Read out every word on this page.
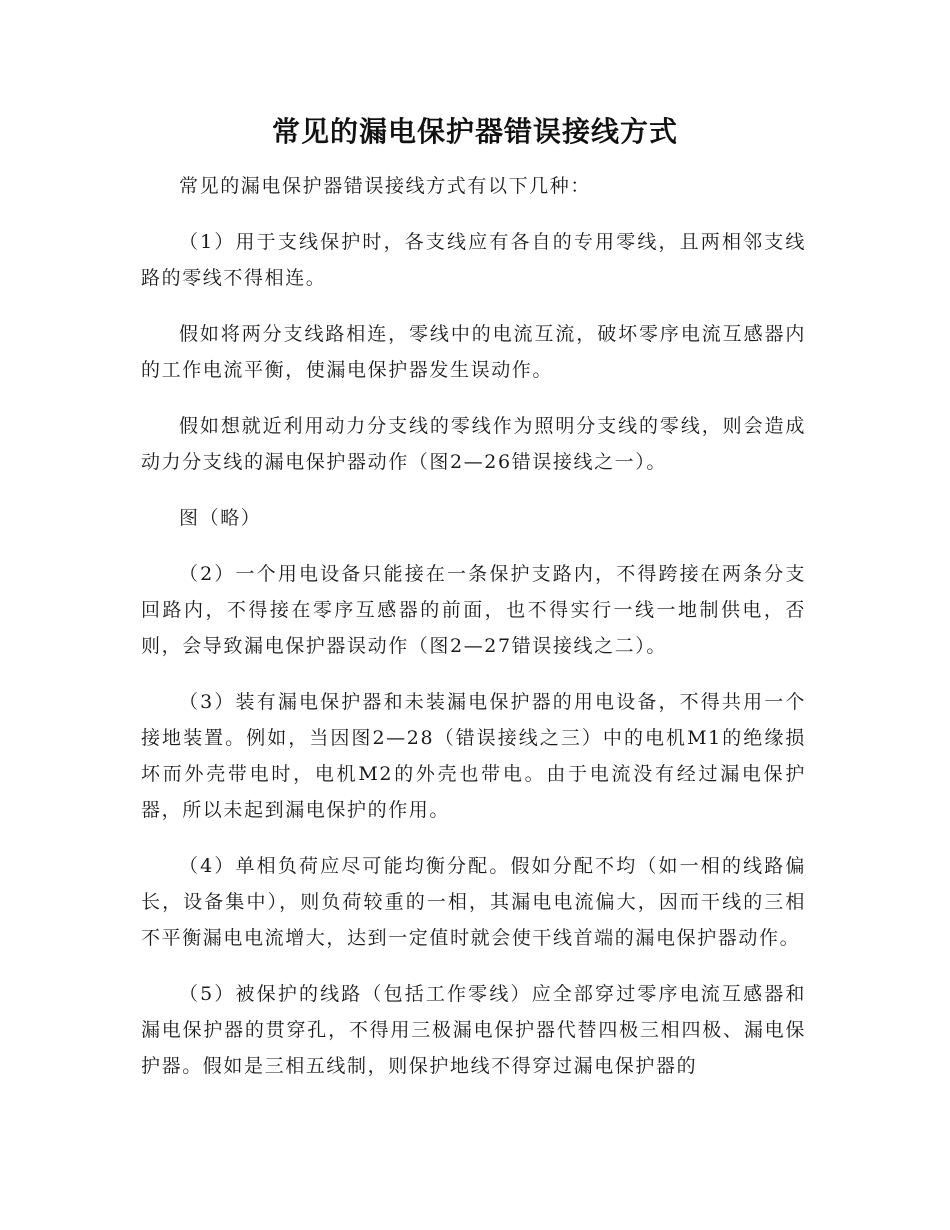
常见的漏电保护器错误接线方式

常见的漏电保护器错误接线方式有以下几种：

（1）用于支线保护时，各支线应有各自的专用零线，且两相邻支线路的零线不得相连。

假如将两分支线路相连，零线中的电流互流，破坏零序电流互感器内的工作电流平衡，使漏电保护器发生误动作。

假如想就近利用动力分支线的零线作为照明分支线的零线，则会造成动力分支线的漏电保护器动作（图2—26错误接线之一）。

图（略）

（2）一个用电设备只能接在一条保护支路内，不得跨接在两条分支回路内，不得接在零序互感器的前面，也不得实行一线一地制供电，否则，会导致漏电保护器误动作（图2—27错误接线之二）。

（3）装有漏电保护器和未装漏电保护器的用电设备，不得共用一个接地装置。例如，当因图2—28（错误接线之三）中的电机M1的绝缘损坏而外壳带电时，电机M2的外壳也带电。由于电流没有经过漏电保护器，所以未起到漏电保护的作用。

（4）单相负荷应尽可能均衡分配。假如分配不均（如一相的线路偏长，设备集中），则负荷较重的一相，其漏电电流偏大，因而干线的三相不平衡漏电电流增大，达到一定值时就会使干线首端的漏电保护器动作。

（5）被保护的线路（包括工作零线）应全部穿过零序电流互感器和漏电保护器的贯穿孔，不得用三极漏电保护器代替四极三相四极、漏电保护器。假如是三相五线制，则保护地线不得穿过漏电保护器的
